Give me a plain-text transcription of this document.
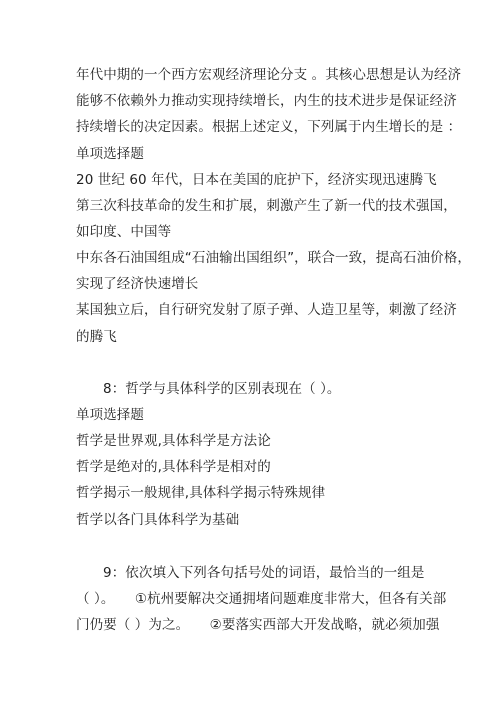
年代中期的一个西方宏观经济理论分支 。其核心思想是认为经济
能够不依赖外力推动实现持续增长，内生的技术进步是保证经济
持续增长的决定因素。根据上述定义，下列属于内生增长的是 ：
单项选择题
20 世纪 60 年代，日本在美国的庇护下，经济实现迅速腾飞
第三次科技革命的发生和扩展，刺激产生了新一代的技术强国，
如印度、中国等
中东各石油国组成“石油输出国组织”，联合一致，提高石油价格，
实现了经济快速增长
某国独立后，自行研究发射了原子弹、人造卫星等，刺激了经济
的腾飞
8：哲学与具体科学的区别表现在（ ）。
单项选择题
哲学是世界观,具体科学是方法论
哲学是绝对的,具体科学是相对的
哲学揭示一般规律,具体科学揭示特殊规律
哲学以各门具体科学为基础
9：依次填入下列各句括号处的词语，最恰当的一组是
（ ）。　　①杭州要解决交通拥堵问题难度非常大，但各有关部
门仍要（ ）为之。　　②要落实西部大开发战略，就必须加强
